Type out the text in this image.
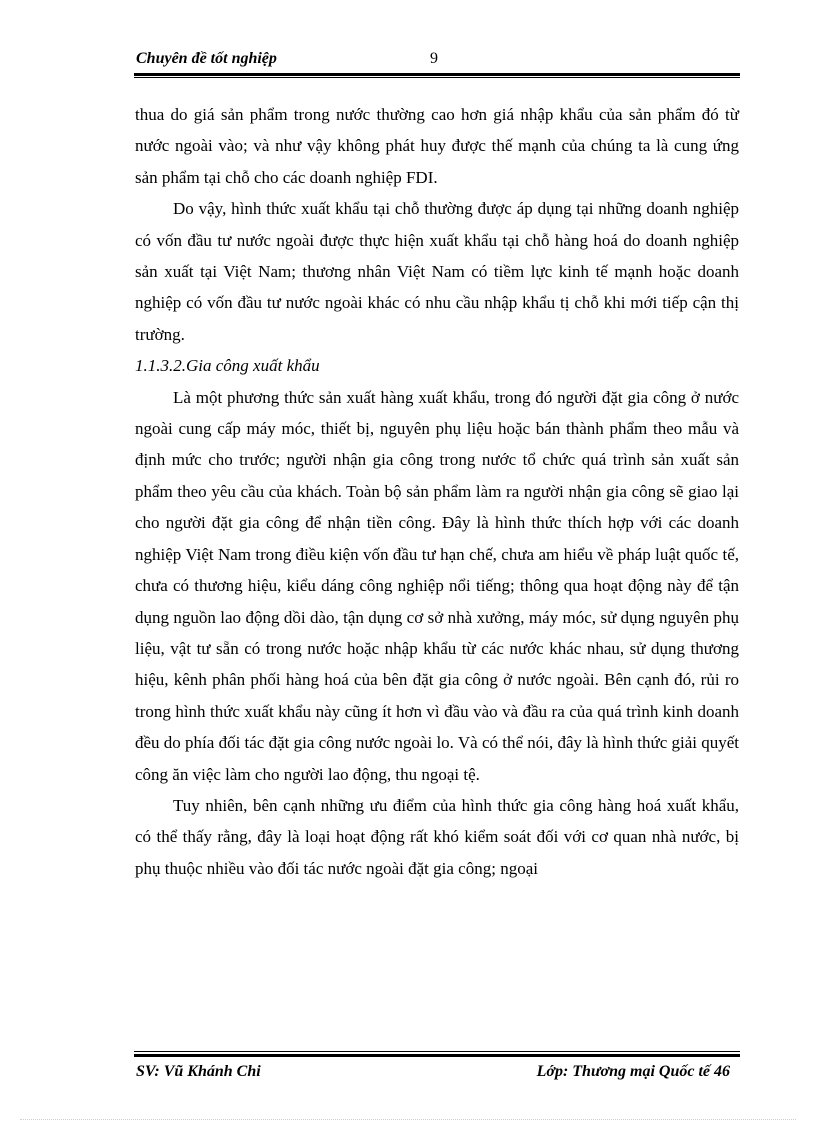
Chuyên đề tốt nghiệp	9

thua do giá sản phẩm trong nước thường cao hơn giá nhập khẩu của sản phẩm đó từ nước ngoài vào; và như vậy không phát huy được thế mạnh của chúng ta là cung ứng sản phẩm tại chỗ cho các doanh nghiệp FDI.

Do vậy, hình thức xuất khẩu tại chỗ thường được áp dụng tại những doanh nghiệp có vốn đầu tư nước ngoài được thực hiện xuất khẩu tại chỗ hàng hoá do doanh nghiệp sản xuất tại Việt Nam; thương nhân Việt Nam có tiềm lực kinh tế mạnh hoặc doanh nghiệp có vốn đầu tư nước ngoài khác có nhu cầu nhập khẩu tị chỗ khi mới tiếp cận thị trường.

1.1.3.2.Gia công xuất khẩu

Là một phương thức sản xuất hàng xuất khẩu, trong đó người đặt gia công ở nước ngoài cung cấp máy móc, thiết bị, nguyên phụ liệu hoặc bán thành phẩm theo mẫu và định mức cho trước; người nhận gia công trong nước tổ chức quá trình sản xuất sản phẩm theo yêu cầu của khách. Toàn bộ sản phẩm làm ra người nhận gia công sẽ giao lại cho người đặt gia công để nhận tiền công. Đây là hình thức thích hợp với các doanh nghiệp Việt Nam trong điều kiện vốn đầu tư hạn chế, chưa am hiểu về pháp luật quốc tế, chưa có thương hiệu, kiểu dáng công nghiệp nổi tiếng; thông qua hoạt động này để tận dụng nguồn lao động dồi dào, tận dụng cơ sở nhà xưởng, máy móc, sử dụng nguyên phụ liệu, vật tư sẵn có trong nước hoặc nhập khẩu từ các nước khác nhau, sử dụng thương hiệu, kênh phân phối hàng hoá của bên đặt gia công ở nước ngoài. Bên cạnh đó, rủi ro trong hình thức xuất khẩu này cũng ít hơn vì đầu vào và đầu ra của quá trình kinh doanh đều do phía đối tác đặt gia công nước ngoài lo. Và có thể nói, đây là hình thức giải quyết công ăn việc làm cho người lao động, thu ngoại tệ.

Tuy nhiên, bên cạnh những ưu điểm của hình thức gia công hàng hoá xuất khẩu, có thể thấy rằng, đây là loại hoạt động rất khó kiểm soát đối với cơ quan nhà nước, bị phụ thuộc nhiều vào đối tác nước ngoài đặt gia công; ngoại

SV: Vũ Khánh Chi	Lớp: Thương mại Quốc tế 46
